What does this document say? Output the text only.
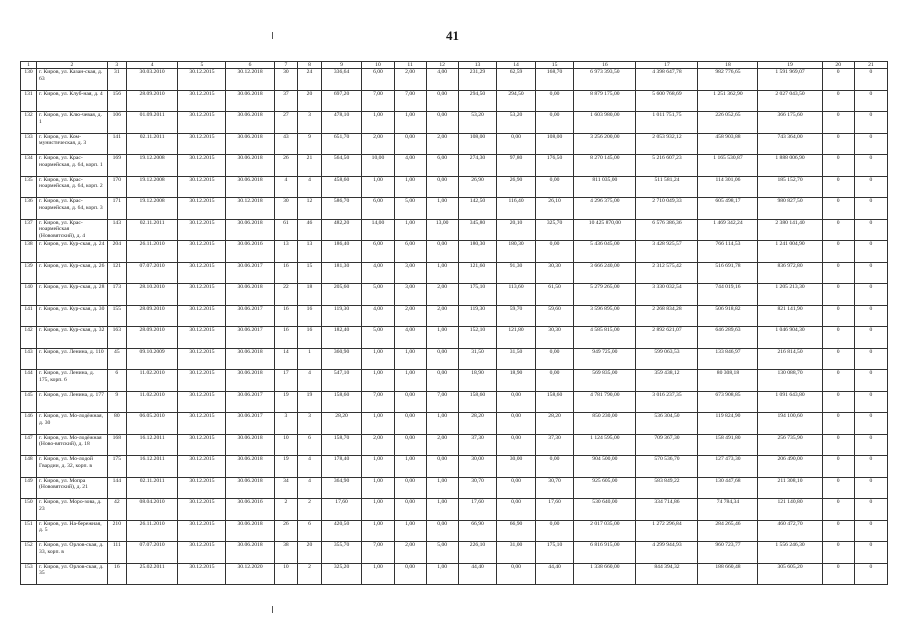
41
1	2	3	4	5	6	7	8	9	10	11	12	13	14	15	16	17	18	19	20	21
130	г. Киров, ул. Казан-ская, д. 63	31	30.03.2010	30.12.2015	30.12.2018	30	24	336,64	6,00	2,00	4,00	231,29	62,59	168,70	6 973 393,50	4 398 647,78	982 776,65	1 591 969,07	0	0
131	г. Киров, ул. Клуб-ная, д. 4	156	28.09.2010	30.12.2015	30.06.2018	37	20	697,20	7,00	7,00	0,00	294,50	294,50	0,00	8 879 175,00	5 600 768,69	1 251 362,90	2 027 043,50	0	0
132	г. Киров, ул. Клю-чевая, д. 1	106	01.09.2011	30.12.2015	30.06.2018	27	3	478,10	1,00	1,00	0,00	53,20	53,20	0,00	1 603 980,00	1 011 751,75	226 052,65	366 175,60	0	0
133	г. Киров, ул. Ком-мунистическая, д. 3	141	02.11.2011	30.12.2015	30.06.2018	43	9	651,70	2,00	0,00	2,00	108,00	0,00	108,00	3 256 200,00	2 053 932,12	458 903,88	743 364,00	0	0
134	г. Киров, ул. Крас-ноармейская, д. 64, корп. 1	169	19.12.2008	30.12.2015	30.06.2018	26	21	564,50	10,00	4,00	6,00	274,30	97,80	176,50	8 270 145,00	5 216 607,23	1 165 530,87	1 888 006,90	0	0
135	г. Киров, ул. Крас-ноармейская, д. 64, корп. 2	170	19.12.2008	30.12.2015	30.06.2018	4	4	458,60	1,00	1,00	0,00	26,90	26,90	0,00	811 035,00	511 581,24	114 301,06	185 152,70	0	0
136	г. Киров, ул. Крас-ноармейская, д. 64, корп. 3	171	19.12.2008	30.12.2015	30.12.2018	30	12	586,70	6,00	5,00	1,00	142,50	116,40	26,10	4 296 375,00	2 710 049,33	605 498,17	980 827,50	0	0
137	г. Киров, ул. Крас-ноармейская (Нововятский), д. 4	143	02.11.2011	30.12.2015	30.06.2018	61	46	482,20	14,00	1,00	13,00	345,80	20,10	325,70	10 425 870,00	6 576 386,36	1 469 342,24	2 380 141,40	0	0
138	г. Киров, ул. Кур-ская, д. 24	204	26.11.2010	30.12.2015	30.06.2016	13	13	186,40	6,00	6,00	0,00	180,30	180,30	0,00	5 436 045,00	3 428 925,57	766 114,53	1 241 004,90	0	0
139	г. Киров, ул. Кур-ская, д. 26	121	07.07.2010	30.12.2015	30.06.2017	16	15	181,30	4,00	3,00	1,00	121,60	91,30	30,30	3 666 240,00	2 312 575,42	516 691,78	836 972,80	0	0
140	г. Киров, ул. Кур-ская, д. 28	173	28.10.2010	30.12.2015	30.06.2018	22	18	205,60	5,00	3,00	2,00	175,10	113,60	61,50	5 279 265,00	3 330 032,54	744 019,16	1 205 213,30	0	0
141	г. Киров, ул. Кур-ская, д. 30	155	28.09.2010	30.12.2015	30.06.2017	16	16	119,30	4,00	2,00	2,00	119,30	59,70	59,60	3 596 895,00	2 268 834,28	506 918,82	821 141,90	0	0
142	г. Киров, ул. Кур-ская, д. 32	163	28.09.2010	30.12.2015	30.06.2017	16	16	182,40	5,00	4,00	1,00	152,10	121,80	30,30	4 585 815,00	2 892 621,07	646 289,63	1 046 904,30	0	0
143	г. Киров, ул. Ленина, д. 110	45	09.10.2009	30.12.2015	30.06.2018	14	1	360,90	1,00	1,00	0,00	31,50	31,50	0,00	949 725,00	599 063,53	133 846,97	216 814,50	0	0
144	г. Киров, ул. Ленина, д. 175, корп. 6	6	11.02.2010	30.12.2015	30.06.2018	17	4	547,10	1,00	1,00	0,00	18,90	18,90	0,00	569 835,00	359 438,12	80 308,18	130 088,70	0	0
145	г. Киров, ул. Ленина, д. 177	9	11.02.2010	30.12.2015	30.06.2017	19	19	158,60	7,00	0,00	7,00	158,60	0,00	158,60	4 781 790,00	3 016 237,35	673 908,85	1 091 643,80	0	0
146	г. Киров, ул. Мо-лодёжная, д. 30	80	06.05.2010	30.12.2015	30.06.2017	3	3	28,20	1,00	0,00	1,00	28,20	0,00	28,20	850 230,00	536 304,50	119 824,90	194 100,60	0	0
147	г. Киров, ул. Мо-лодёжная (Ново-вятский), д. 18	168	16.12.2011	30.12.2015	30.06.2018	10	6	158,70	2,00	0,00	2,00	37,30	0,00	37,30	1 124 595,00	709 367,30	158 491,80	256 735,90	0	0
148	г. Киров, ул. Мо-лодой Гвардии, д. 32, корп. в	175	16.12.2011	30.12.2015	30.06.2018	19	4	178,40	1,00	1,00	0,00	30,00	30,00	0,00	904 500,00	570 536,70	127 473,30	206 490,00	0	0
149	г. Киров, ул. Мопра (Нововятский), д. 21	144	02.11.2011	30.12.2015	30.06.2018	34	4	364,90	1,00	0,00	1,00	30,70	0,00	30,70	925 605,00	583 849,22	130 447,68	211 308,10	0	0
150	г. Киров, ул. Моро-зова, д. 23	42	08.04.2010	30.12.2015	30.06.2016	2	2	17,60	1,00	0,00	1,00	17,60	0,00	17,60	530 640,00	334 714,86	74 784,34	121 140,80	0	0
151	г. Киров, ул. На-бережная, д. 5	210	26.11.2010	30.12.2015	30.06.2018	26	6	420,50	1,00	1,00	0,00	66,90	66,90	0,00	2 017 035,00	1 272 296,84	284 265,46	460 472,70	0	0
152	г. Киров, ул. Орлов-ская, д. 33, корп. в	111	07.07.2010	30.12.2015	30.06.2018	38	20	355,70	7,00	2,00	5,00	226,10	31,00	175,10	6 816 915,00	4 299 944,93	960 723,77	1 556 246,30	0	0
153	г. Киров, ул. Орлов-ская, д. 35	16	25.02.2011	30.12.2015	30.12.2020	10	2	325,20	1,00	0,00	1,00	44,40	0,00	44,40	1 338 660,00	844 394,32	188 660,48	305 605,20	0	0
